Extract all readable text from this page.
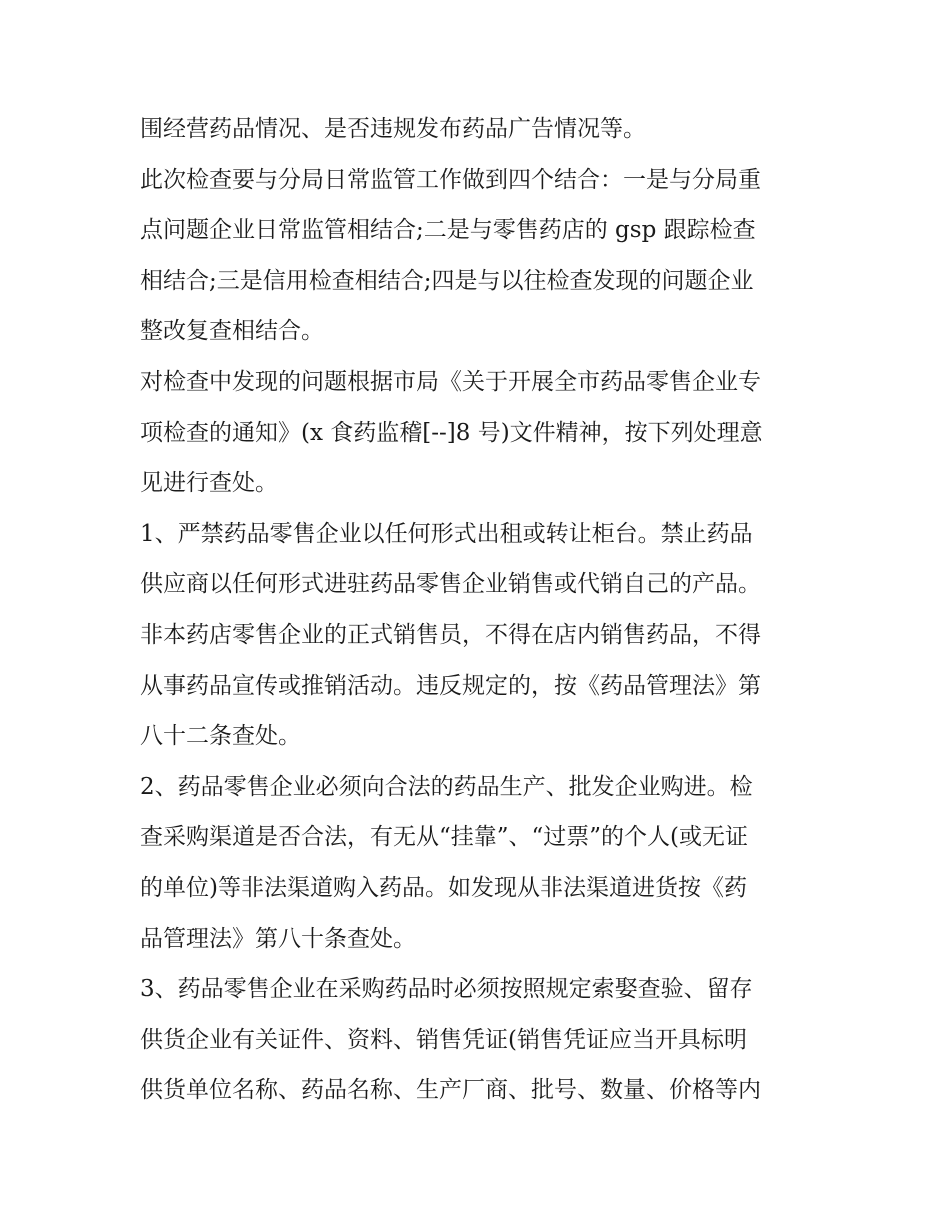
围经营药品情况、是否违规发布药品广告情况等。
此次检查要与分局日常监管工作做到四个结合：一是与分局重
点问题企业日常监管相结合;二是与零售药店的 gsp 跟踪检查
相结合;三是信用检查相结合;四是与以往检查发现的问题企业
整改复查相结合。
对检查中发现的问题根据市局《关于开展全市药品零售企业专
项检查的通知》(x 食药监稽[--]8 号)文件精神，按下列处理意
见进行查处。
1、严禁药品零售企业以任何形式出租或转让柜台。禁止药品
供应商以任何形式进驻药品零售企业销售或代销自己的产品。
非本药店零售企业的正式销售员，不得在店内销售药品，不得
从事药品宣传或推销活动。违反规定的，按《药品管理法》第
八十二条查处。
2、药品零售企业必须向合法的药品生产、批发企业购进。检
查采购渠道是否合法，有无从“挂靠”、“过票”的个人(或无证
的单位)等非法渠道购入药品。如发现从非法渠道进货按《药
品管理法》第八十条查处。
3、药品零售企业在采购药品时必须按照规定索娶查验、留存
供货企业有关证件、资料、销售凭证(销售凭证应当开具标明
供货单位名称、药品名称、生产厂商、批号、数量、价格等内
